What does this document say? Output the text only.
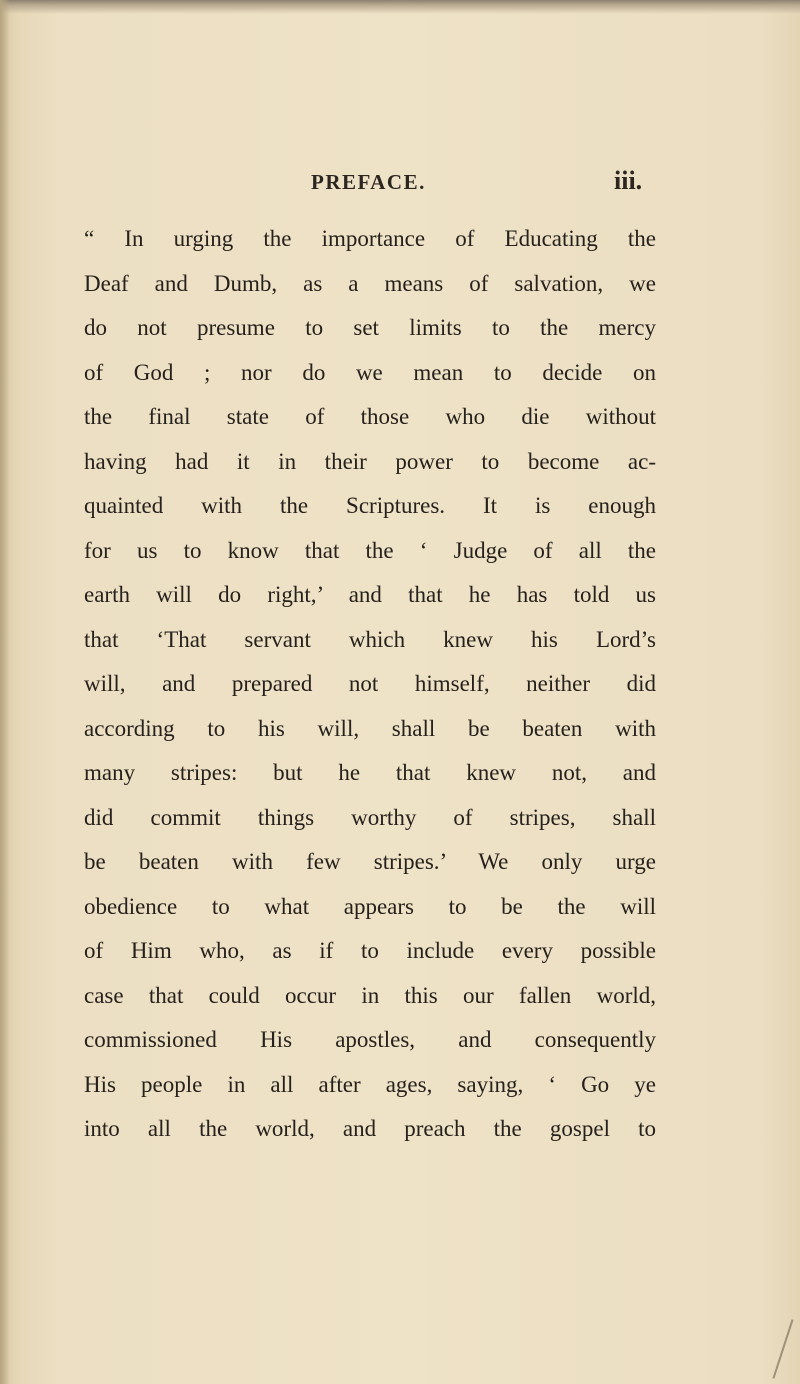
PREFACE.	iii.
“ In urging the importance of Educating the
Deaf and Dumb, as a means of salvation, we
do not presume to set limits to the mercy
of God ; nor do we mean to decide on
the final state of those who die without
having had it in their power to become ac-
quainted with the Scriptures. It is enough
for us to know that the ‘ Judge of all the
earth will do right,’ and that he has told us
that ‘That servant which knew his Lord’s
will, and prepared not himself, neither did
according to his will, shall be beaten with
many stripes: but he that knew not, and
did commit things worthy of stripes, shall
be beaten with few stripes.’ We only urge
obedience to what appears to be the will
of Him who, as if to include every possible
case that could occur in this our fallen world,
commissioned His apostles, and consequently
His people in all after ages, saying, ‘ Go ye
into all the world, and preach the gospel to
